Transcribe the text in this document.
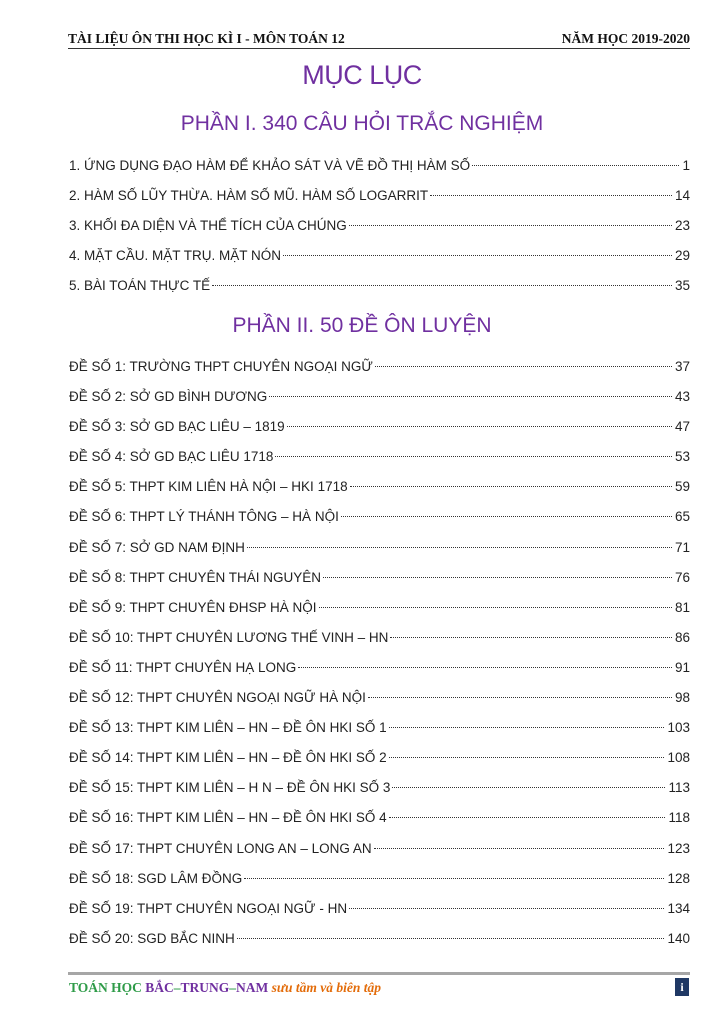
TÀI LIỆU ÔN THI HỌC KÌ I - MÔN TOÁN 12	NĂM HỌC 2019-2020
MỤC LỤC
PHẦN I. 340 CÂU HỎI TRẮC NGHIỆM
1. ỨNG DỤNG ĐẠO HÀM ĐỂ KHẢO SÁT VÀ VẼ ĐỒ THỊ HÀM SỐ	1
2. HÀM SỐ LŨY THỪA. HÀM SỐ MŨ. HÀM SỐ LOGARRIT	14
3. KHỐI ĐA DIỆN VÀ THỂ TÍCH CỦA CHÚNG	23
4. MẶT CẦU. MẶT TRỤ. MẶT NÓN	29
5. BÀI TOÁN THỰC TẾ	35
PHẦN II. 50 ĐỀ ÔN LUYỆN
ĐỀ SỐ 1: TRƯỜNG THPT CHUYÊN NGOẠI NGỮ	37
ĐỀ SỐ 2: SỞ GD BÌNH DƯƠNG	43
ĐỀ SỐ 3: SỞ GD BẠC LIÊU – 1819	47
ĐỀ SỐ 4: SỞ GD BẠC LIÊU 1718	53
ĐỀ SỐ 5: THPT KIM LIÊN HÀ NỘI – HKI 1718	59
ĐỀ SỐ 6: THPT LÝ THÁNH TÔNG – HÀ NỘI	65
ĐỀ SỐ 7: SỞ GD NAM ĐỊNH	71
ĐỀ SỐ 8: THPT CHUYÊN THÁI NGUYÊN	76
ĐỀ SỐ 9: THPT CHUYÊN ĐHSP HÀ NỘI	81
ĐỀ SỐ 10: THPT CHUYÊN LƯƠNG THẾ VINH – HN	86
ĐỀ SỐ 11: THPT CHUYÊN HẠ LONG	91
ĐỀ SỐ 12: THPT CHUYÊN NGOẠI NGỮ HÀ NỘI	98
ĐỀ SỐ 13: THPT KIM LIÊN – HN – ĐỀ ÔN HKI SỐ 1	103
ĐỀ SỐ 14: THPT KIM LIÊN – HN – ĐỀ ÔN HKI SỐ 2	108
ĐỀ SỐ 15: THPT KIM LIÊN – H N – ĐỀ ÔN HKI SỐ 3	113
ĐỀ SỐ 16: THPT KIM LIÊN – HN – ĐỀ ÔN HKI SỐ 4	118
ĐỀ SỐ 17: THPT CHUYÊN LONG AN – LONG AN	123
ĐỀ SỐ 18: SGD LÂM ĐỒNG	128
ĐỀ SỐ 19: THPT CHUYÊN NGOẠI NGỮ - HN	134
ĐỀ SỐ 20: SGD BẮC NINH	140
TOÁN HỌC BẮC–TRUNG–NAM sưu tầm và biên tập	i
